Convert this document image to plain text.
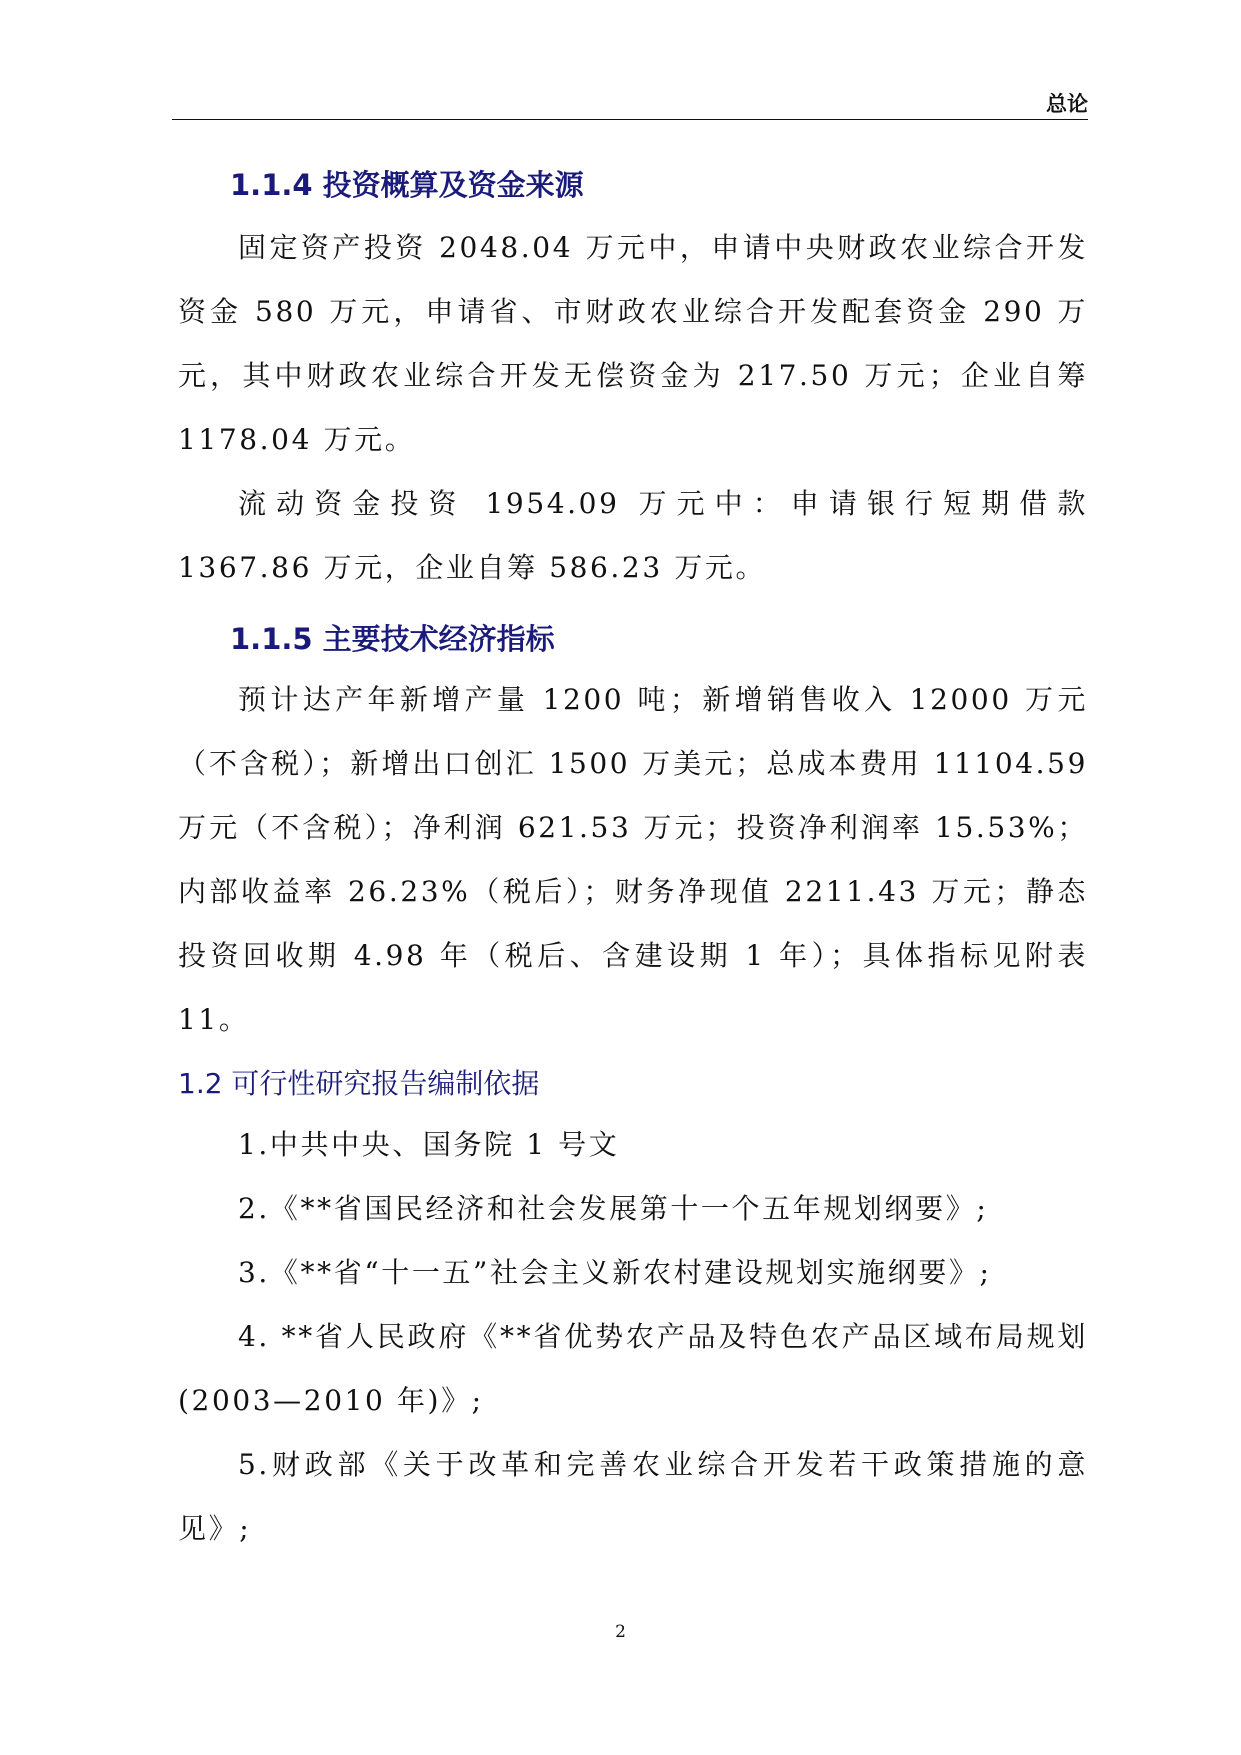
总论
1.1.4 投资概算及资金来源

固定资产投资 2048.04 万元中，申请中央财政农业综合开发资金 580 万元，申请省、市财政农业综合开发配套资金 290 万元，其中财政农业综合开发无偿资金为 217.50 万元；企业自筹 1178.04 万元。

流动资金投资 1954.09 万元中：申请银行短期借款 1367.86 万元，企业自筹 586.23 万元。

1.1.5 主要技术经济指标

预计达产年新增产量 1200 吨；新增销售收入 12000 万元（不含税）；新增出口创汇 1500 万美元；总成本费用 11104.59 万元（不含税）；净利润 621.53 万元；投资净利润率 15.53%；内部收益率 26.23%（税后）；财务净现值 2211.43 万元；静态投资回收期 4.98 年（税后、含建设期 1 年）；具体指标见附表 11。

1.2 可行性研究报告编制依据

1.中共中央、国务院 1 号文

2.《**省国民经济和社会发展第十一个五年规划纲要》;

3.《**省“十一五”社会主义新农村建设规划实施纲要》;

4. **省人民政府《**省优势农产品及特色农产品区域布局规划(2003—2010 年)》;

5.财政部《关于改革和完善农业综合开发若干政策措施的意见》;

2
